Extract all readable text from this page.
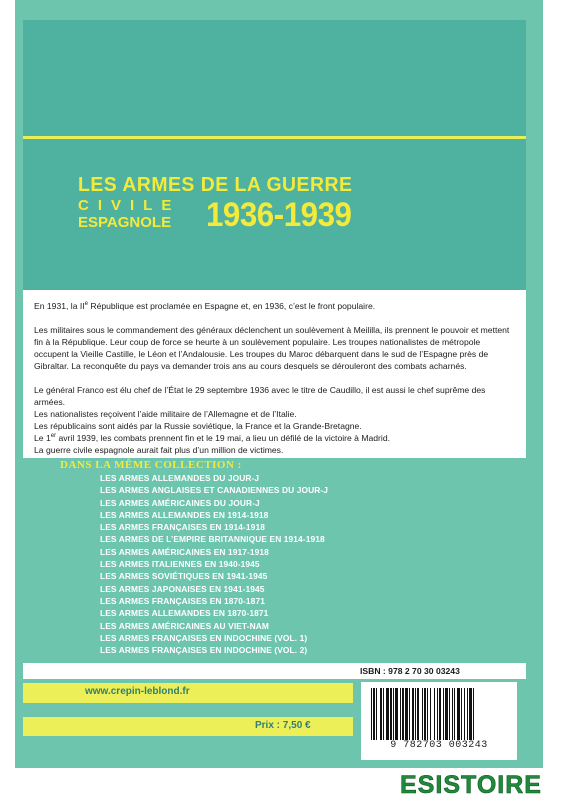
LES ARMES DE LA GUERRE
CIVILE
ESPAGNOLE 1936-1939

En 1931, la IIe République est proclamée en Espagne et, en 1936, c’est le front populaire.

Les militaires sous le commandement des généraux déclenchent un soulèvement à Meililla, ils prennent le pouvoir et mettent fin à la République. Leur coup de force se heurte à un soulèvement populaire. Les troupes nationalistes de métropole occupent la Vieille Castille, le Léon et l’Andalousie. Les troupes du Maroc débarquent dans le sud de l’Espagne près de Gibraltar. La reconquête du pays va demander trois ans au cours desquels se dérouleront des combats acharnés.

Le général Franco est élu chef de l’État le 29 septembre 1936 avec le titre de Caudillo, il est aussi le chef suprême des armées.
Les nationalistes reçoivent l’aide militaire de l’Allemagne et de l’Italie.
Les républicains sont aidés par la Russie soviétique, la France et la Grande-Bretagne.
Le 1er avril 1939, les combats prennent fin et le 19 mai, a lieu un défilé de la victoire à Madrid.
La guerre civile espagnole aurait fait plus d’un million de victimes.
DANS LA MÊME COLLECTION :
LES ARMES ALLEMANDES DU JOUR-J
LES ARMES ANGLAISES ET CANADIENNES DU JOUR-J
LES ARMES AMÉRICAINES DU JOUR-J
LES ARMES ALLEMANDES EN 1914-1918
LES ARMES FRANÇAISES EN 1914-1918
LES ARMES DE L’EMPIRE BRITANNIQUE EN 1914-1918
LES ARMES AMÉRICAINES EN 1917-1918
LES ARMES ITALIENNES EN 1940-1945
LES ARMES SOVIÉTIQUES EN 1941-1945
LES ARMES JAPONAISES EN 1941-1945
LES ARMES FRANÇAISES EN 1870-1871
LES ARMES ALLEMANDES EN 1870-1871
LES ARMES AMÉRICAINES AU VIET-NAM
LES ARMES FRANÇAISES EN INDOCHINE (VOL. 1)
LES ARMES FRANÇAISES EN INDOCHINE (VOL. 2)
ISBN : 978 2 70 30 03243
www.crepin-leblond.fr
Prix : 7,50 €
9 782703 003243
ESISTOIRE
